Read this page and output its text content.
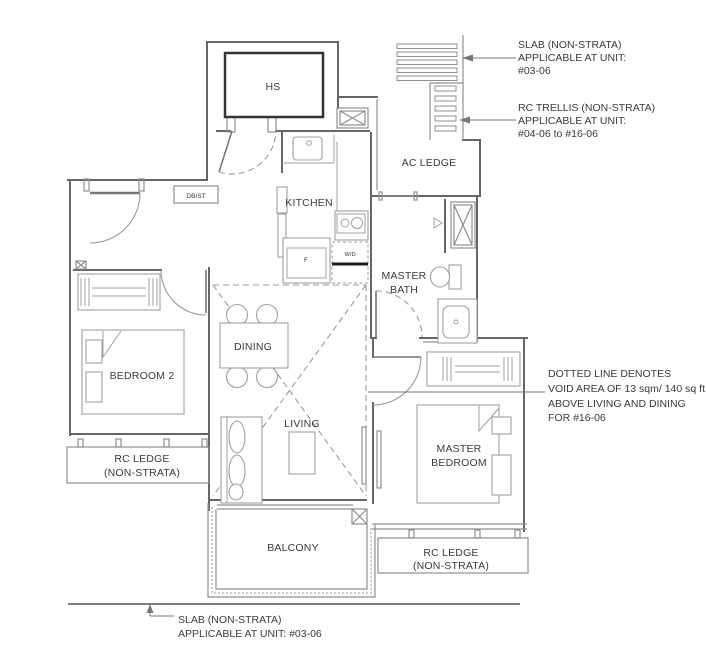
HS
AC LEDGE
KITCHEN
MASTER
BATH
DINING
BEDROOM 2
LIVING
MASTER
BEDROOM
BALCONY
RC LEDGE
(NON-STRATA)
RC LEDGE
(NON-STRATA)
DB/ST
F
W/D
SLAB (NON-STRATA)
APPLICABLE AT UNIT:
#03-06
RC TRELLIS (NON-STRATA)
APPLICABLE AT UNIT:
#04-06 to #16-06
DOTTED LINE DENOTES
VOID AREA OF 13 sqm/ 140 sq ft
ABOVE LIVING AND DINING
FOR #16-06
SLAB (NON-STRATA)
APPLICABLE AT UNIT: #03-06
